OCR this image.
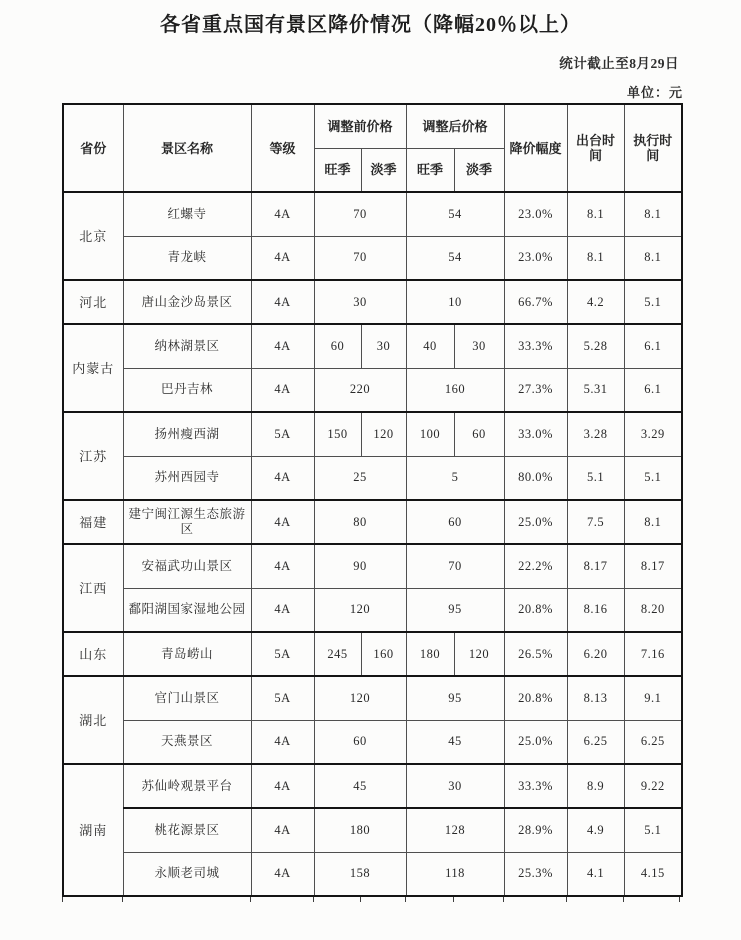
各省重点国有景区降价情况（降幅20％以上）
统计截止至8月29日
单位：元
省份	景区名称	等级	调整前价格		调整后价格		降价幅度	出台时间	执行时间
			旺季	淡季	旺季	淡季			
北京	红螺寺	4A	70		54		23.0%	8.1	8.1
	青龙峡	4A	70		54		23.0%	8.1	8.1
河北	唐山金沙岛景区	4A	30		10		66.7%	4.2	5.1
内蒙古	纳林湖景区	4A	60	30	40	30	33.3%	5.28	6.1
	巴丹吉林	4A	220		160		27.3%	5.31	6.1
江苏	扬州瘦西湖	5A	150	120	100	60	33.0%	3.28	3.29
	苏州西园寺	4A	25		5		80.0%	5.1	5.1
福建	建宁闽江源生态旅游区	4A	80		60		25.0%	7.5	8.1
江西	安福武功山景区	4A	90		70		22.2%	8.17	8.17
	鄱阳湖国家湿地公园	4A	120		95		20.8%	8.16	8.20
山东	青岛崂山	5A	245	160	180	120	26.5%	6.20	7.16
湖北	官门山景区	5A	120		95		20.8%	8.13	9.1
	天燕景区	4A	60		45		25.0%	6.25	6.25
湖南	苏仙岭观景平台	4A	45		30		33.3%	8.9	9.22
	桃花源景区	4A	180		128		28.9%	4.9	5.1
	永顺老司城	4A	158		118		25.3%	4.1	4.15
